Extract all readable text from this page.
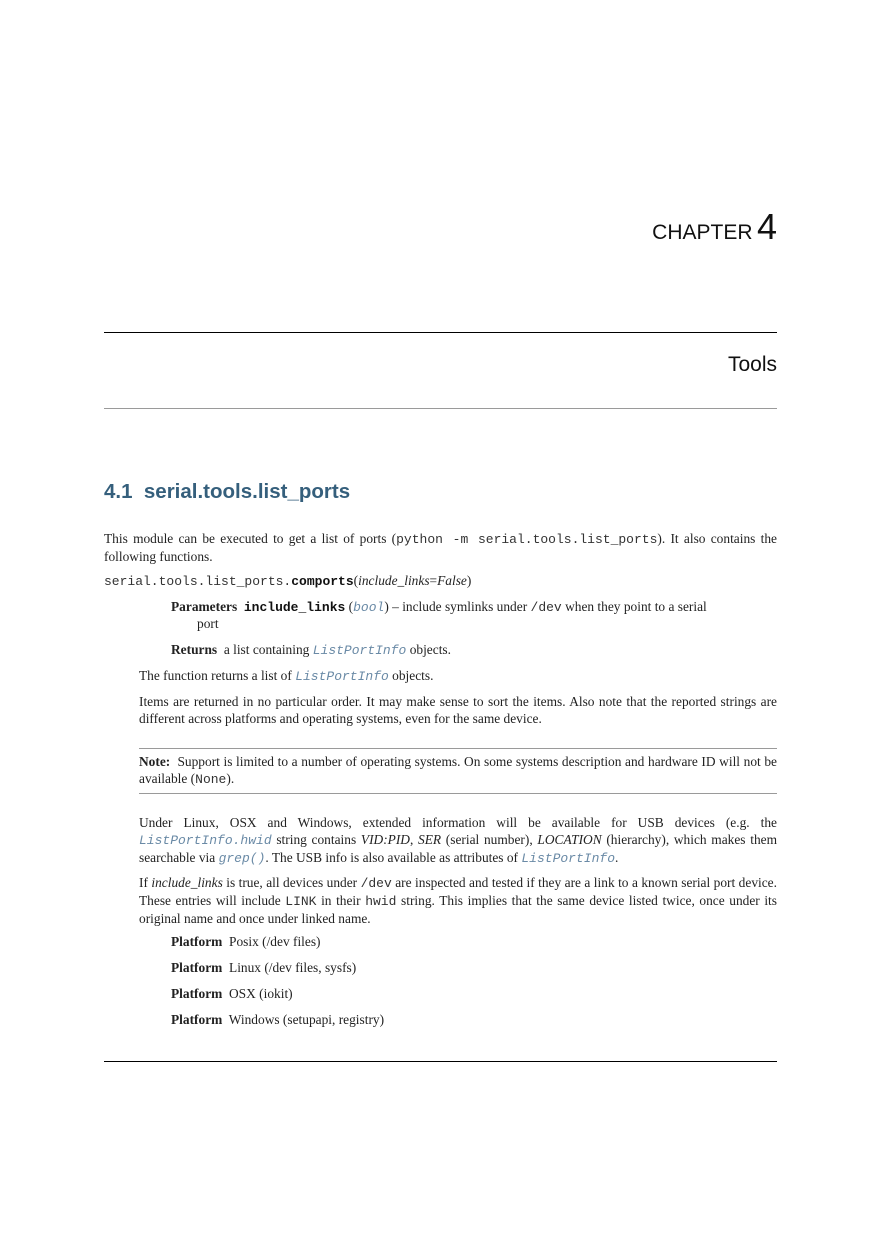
CHAPTER 4
Tools
4.1 serial.tools.list_ports
This module can be executed to get a list of ports (python -m serial.tools.list_ports). It also contains the following functions.
serial.tools.list_ports.comports(include_links=False)
Parameters include_links (bool) – include symlinks under /dev when they point to a serial
port
Returns a list containing ListPortInfo objects.
The function returns a list of ListPortInfo objects.
Items are returned in no particular order. It may make sense to sort the items. Also note that the reported strings are different across platforms and operating systems, even for the same device.
Note: Support is limited to a number of operating systems. On some systems description and hardware ID will not be available (None).
Under Linux, OSX and Windows, extended information will be available for USB devices (e.g. the ListPortInfo.hwid string contains VID:PID, SER (serial number), LOCATION (hierarchy), which makes them searchable via grep(). The USB info is also available as attributes of ListPortInfo.
If include_links is true, all devices under /dev are inspected and tested if they are a link to a known serial port device. These entries will include LINK in their hwid string. This implies that the same device listed twice, once under its original name and once under linked name.
Platform Posix (/dev files)
Platform Linux (/dev files, sysfs)
Platform OSX (iokit)
Platform Windows (setupapi, registry)
